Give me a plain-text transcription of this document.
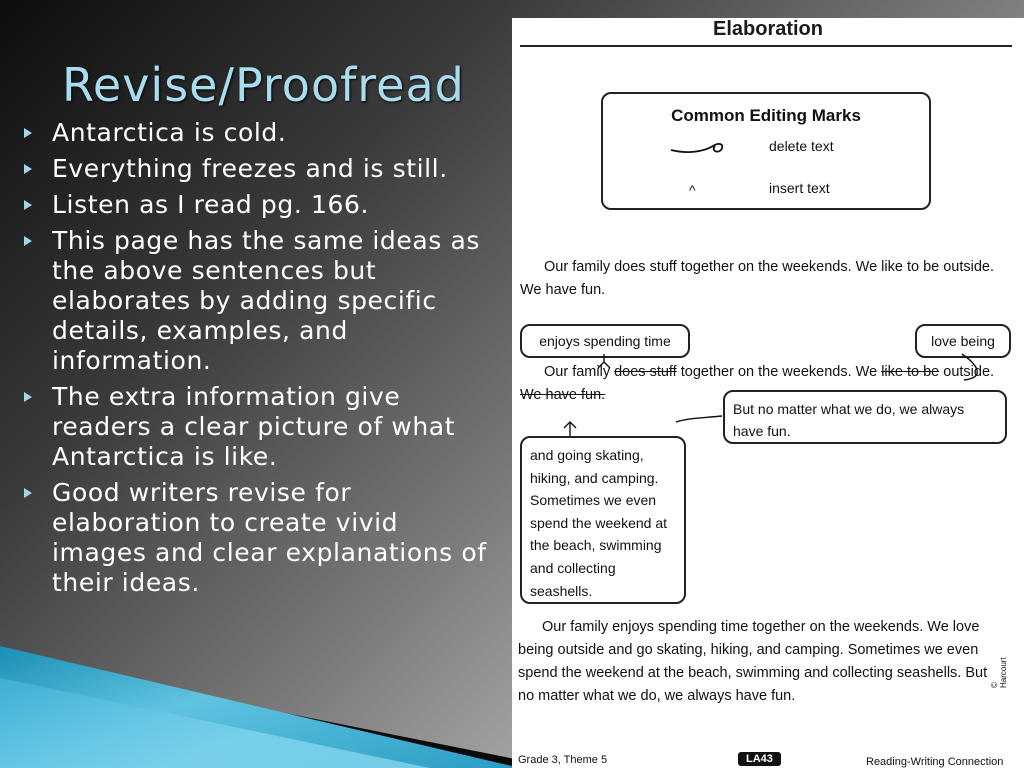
Revise/Proofread
Antarctica is cold.
Everything freezes and is still.
Listen as I read pg. 166.
This page has the same ideas as the above sentences but elaborates by adding specific details, examples, and information.
The extra information give readers a clear picture of what Antarctica is like.
Good writers revise for elaboration to create vivid images and clear explanations of their ideas.
Elaboration
Common Editing Marks
delete text
^	insert text
Our family does stuff together on the weekends. We like to be outside. We have fun.
enjoys spending time	love being
Our family does stuff together on the weekends. We like to be outside. We have fun.
But no matter what we do, we always have fun.
and going skating, hiking, and camping. Sometimes we even spend the weekend at the beach, swimming and collecting seashells.
Our family enjoys spending time together on the weekends. We love being outside and go skating, hiking, and camping. Sometimes we even spend the weekend at the beach, swimming and collecting seashells. But no matter what we do, we always have fun.
© Harcourt
Grade 3, Theme 5	LA43	Reading-Writing Connection
